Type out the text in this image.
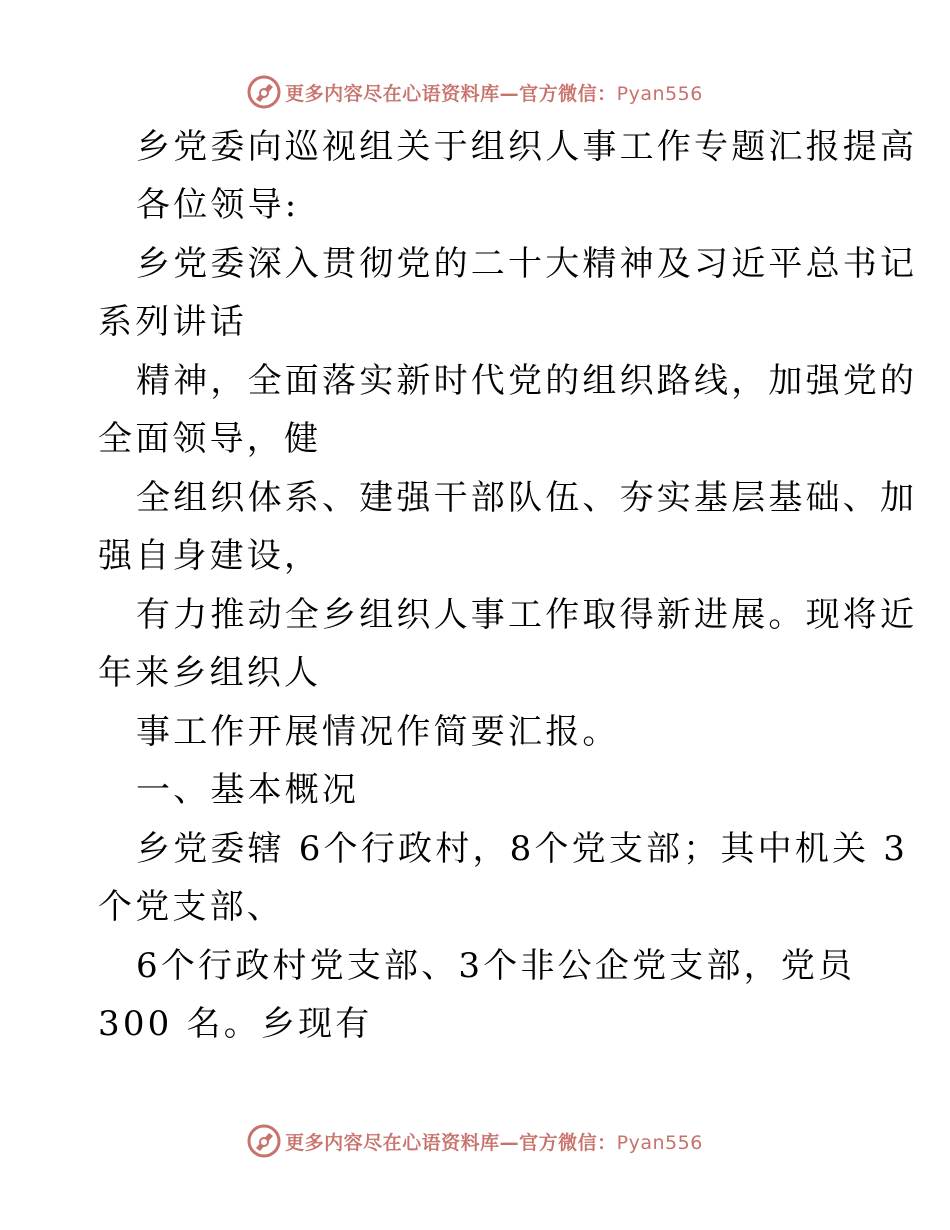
更多内容尽在心语资料库—官方微信：Pyan556
乡党委向巡视组关于组织人事工作专题汇报提高
各位领导:
乡党委深入贯彻党的二十大精神及习近平总书记
系列讲话
精神，全面落实新时代党的组织路线，加强党的
全面领导，健
全组织体系、建强干部队伍、夯实基层基础、加
强自身建设，
有力推动全乡组织人事工作取得新进展。现将近
年来乡组织人
事工作开展情况作简要汇报。
一、基本概况
乡党委辖 6个行政村，8个党支部；其中机关 3
个党支部、
6个行政村党支部、3个非公企党支部，党员
300 名。乡现有
更多内容尽在心语资料库—官方微信：Pyan556
